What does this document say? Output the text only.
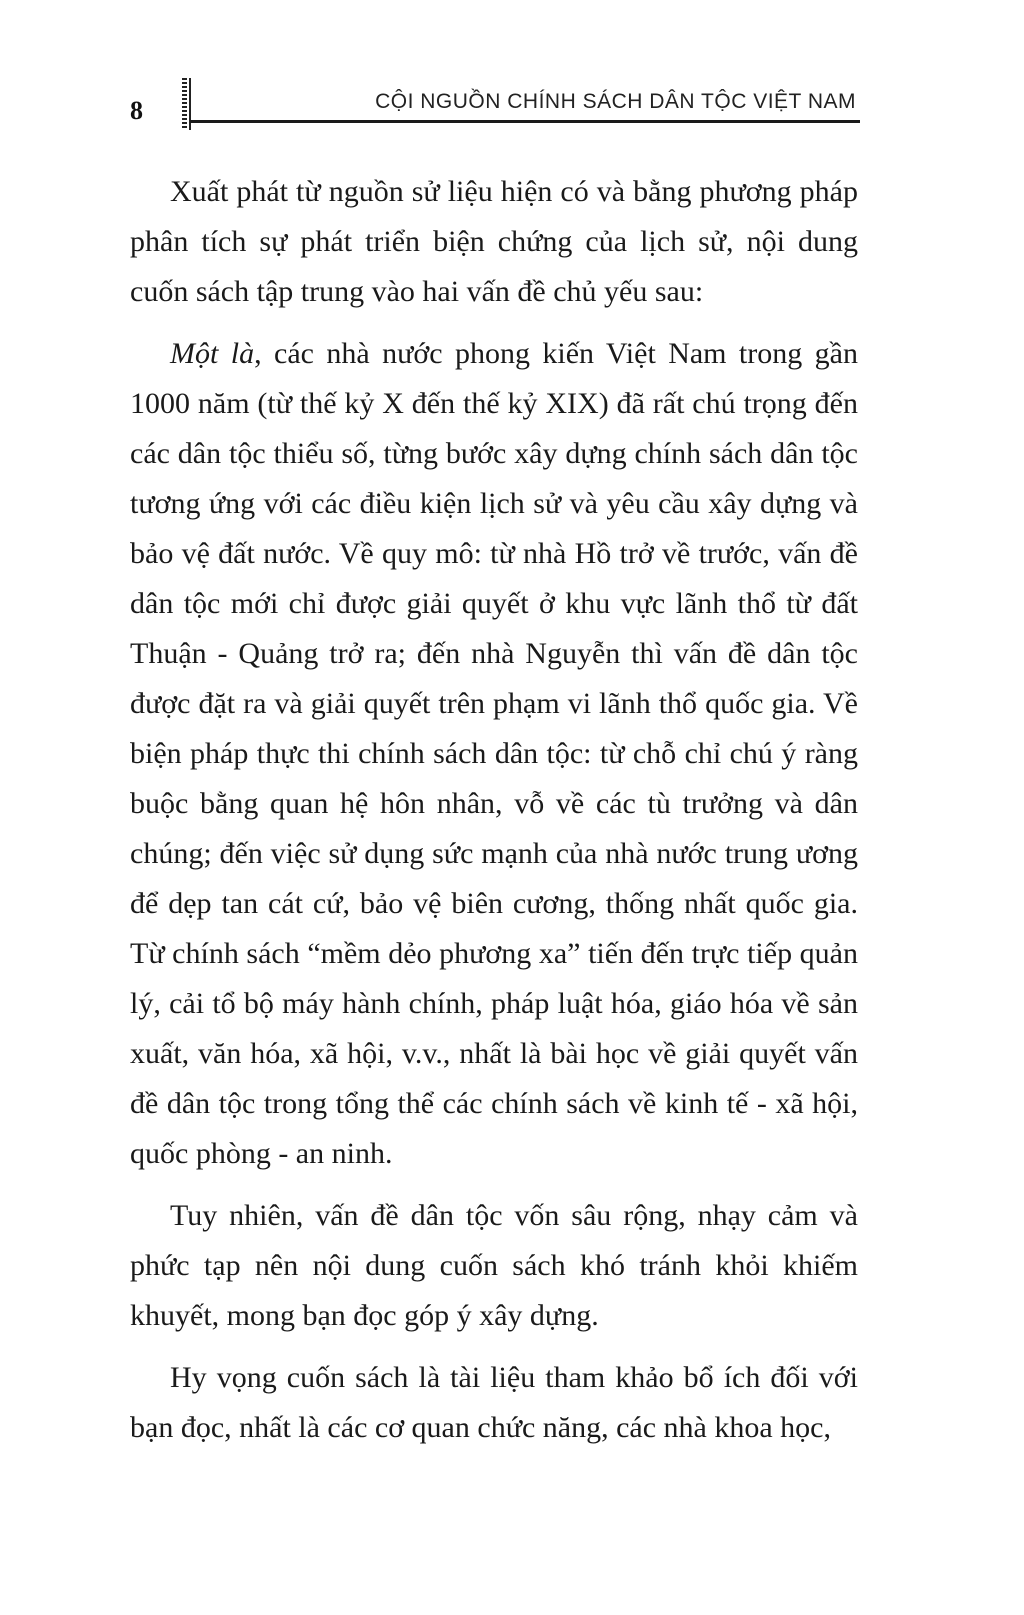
8	CỘI NGUỒN CHÍNH SÁCH DÂN TỘC VIỆT NAM

Xuất phát từ nguồn sử liệu hiện có và bằng phương pháp phân tích sự phát triển biện chứng của lịch sử, nội dung cuốn sách tập trung vào hai vấn đề chủ yếu sau:

Một là, các nhà nước phong kiến Việt Nam trong gần 1000 năm (từ thế kỷ X đến thế kỷ XIX) đã rất chú trọng đến các dân tộc thiểu số, từng bước xây dựng chính sách dân tộc tương ứng với các điều kiện lịch sử và yêu cầu xây dựng và bảo vệ đất nước. Về quy mô: từ nhà Hồ trở về trước, vấn đề dân tộc mới chỉ được giải quyết ở khu vực lãnh thổ từ đất Thuận - Quảng trở ra; đến nhà Nguyễn thì vấn đề dân tộc được đặt ra và giải quyết trên phạm vi lãnh thổ quốc gia. Về biện pháp thực thi chính sách dân tộc: từ chỗ chỉ chú ý ràng buộc bằng quan hệ hôn nhân, vỗ về các tù trưởng và dân chúng; đến việc sử dụng sức mạnh của nhà nước trung ương để dẹp tan cát cứ, bảo vệ biên cương, thống nhất quốc gia. Từ chính sách “mềm dẻo phương xa” tiến đến trực tiếp quản lý, cải tổ bộ máy hành chính, pháp luật hóa, giáo hóa về sản xuất, văn hóa, xã hội, v.v., nhất là bài học về giải quyết vấn đề dân tộc trong tổng thể các chính sách về kinh tế - xã hội, quốc phòng - an ninh.

Tuy nhiên, vấn đề dân tộc vốn sâu rộng, nhạy cảm và phức tạp nên nội dung cuốn sách khó tránh khỏi khiếm khuyết, mong bạn đọc góp ý xây dựng.

Hy vọng cuốn sách là tài liệu tham khảo bổ ích đối với bạn đọc, nhất là các cơ quan chức năng, các nhà khoa học,
